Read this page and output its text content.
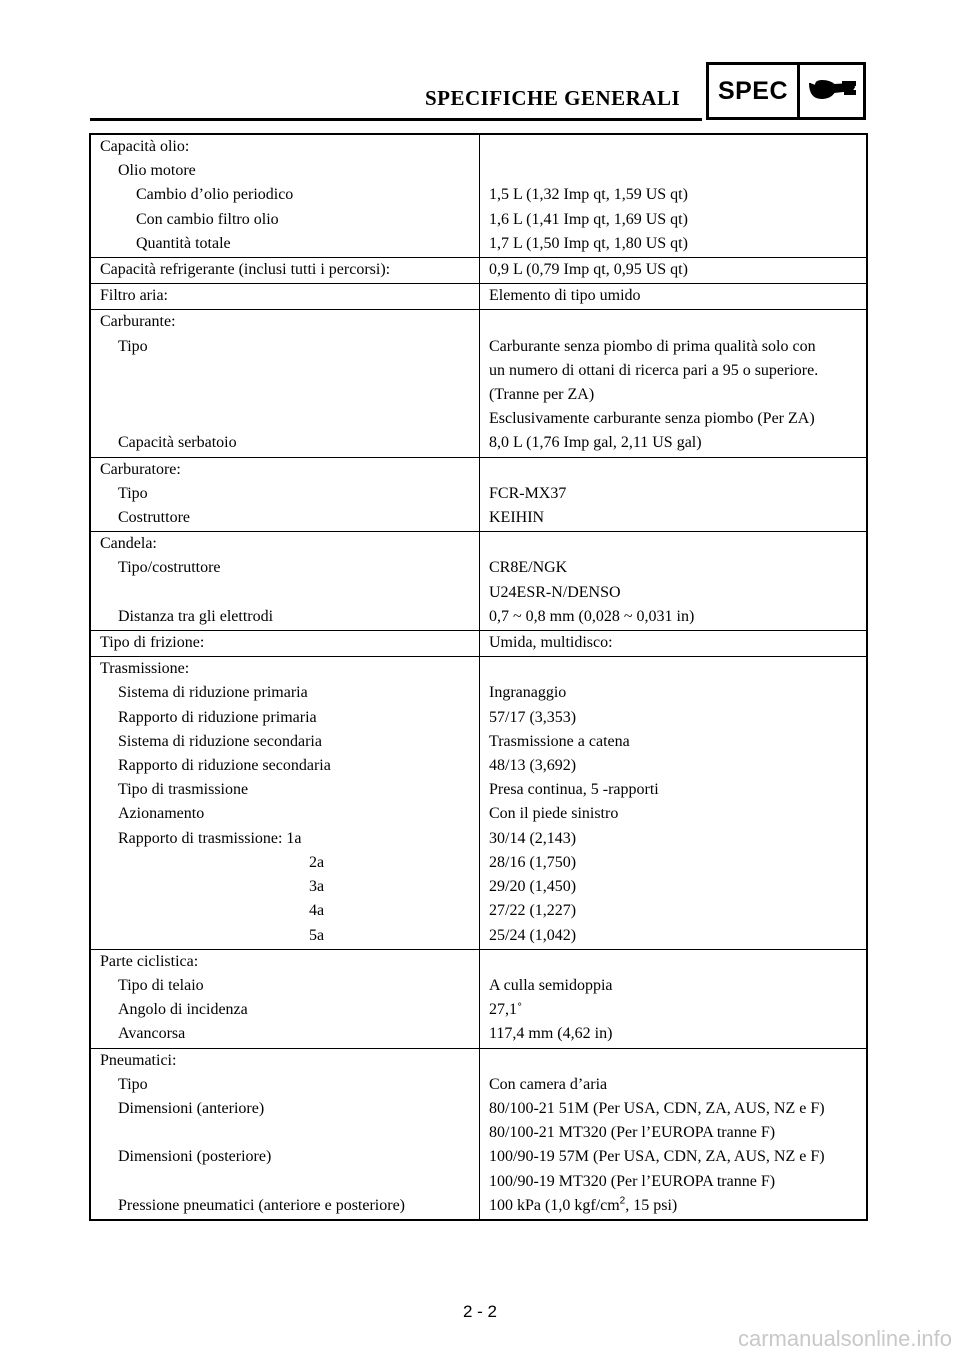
SPECIFICHE GENERALI	SPEC
Capacità olio:
Olio motore
Cambio d’olio periodico	1,5 L (1,32 Imp qt, 1,59 US qt)
Con cambio filtro olio	1,6 L (1,41 Imp qt, 1,69 US qt)
Quantità totale	1,7 L (1,50 Imp qt, 1,80 US qt)
Capacità refrigerante (inclusi tutti i percorsi):	0,9 L (0,79 Imp qt, 0,95 US qt)
Filtro aria:	Elemento di tipo umido
Carburante:
Tipo	Carburante senza piombo di prima qualità solo con
un numero di ottani di ricerca pari a 95 o superiore.
(Tranne per ZA)
Esclusivamente carburante senza piombo (Per ZA)
Capacità serbatoio	8,0 L (1,76 Imp gal, 2,11 US gal)
Carburatore:
Tipo	FCR-MX37
Costruttore	KEIHIN
Candela:
Tipo/costruttore	CR8E/NGK
U24ESR-N/DENSO
Distanza tra gli elettrodi	0,7 ~ 0,8 mm (0,028 ~ 0,031 in)
Tipo di frizione:	Umida, multidisco:
Trasmissione:
Sistema di riduzione primaria	Ingranaggio
Rapporto di riduzione primaria	57/17 (3,353)
Sistema di riduzione secondaria	Trasmissione a catena
Rapporto di riduzione secondaria	48/13 (3,692)
Tipo di trasmissione	Presa continua, 5 -rapporti
Azionamento	Con il piede sinistro
Rapporto di trasmissione: 1a	30/14 (2,143)
2a	28/16 (1,750)
3a	29/20 (1,450)
4a	27/22 (1,227)
5a	25/24 (1,042)
Parte ciclistica:
Tipo di telaio	A culla semidoppia
Angolo di incidenza	27,1˚
Avancorsa	117,4 mm (4,62 in)
Pneumatici:
Tipo	Con camera d’aria
Dimensioni (anteriore)	80/100-21 51M (Per USA, CDN, ZA, AUS, NZ e F)
80/100-21 MT320 (Per l’EUROPA tranne F)
Dimensioni (posteriore)	100/90-19 57M (Per USA, CDN, ZA, AUS, NZ e F)
100/90-19 MT320 (Per l’EUROPA tranne F)
Pressione pneumatici (anteriore e posteriore)	100 kPa (1,0 kgf/$cm^2$, 15 psi)
2 - 2
carmanualsonline.info
